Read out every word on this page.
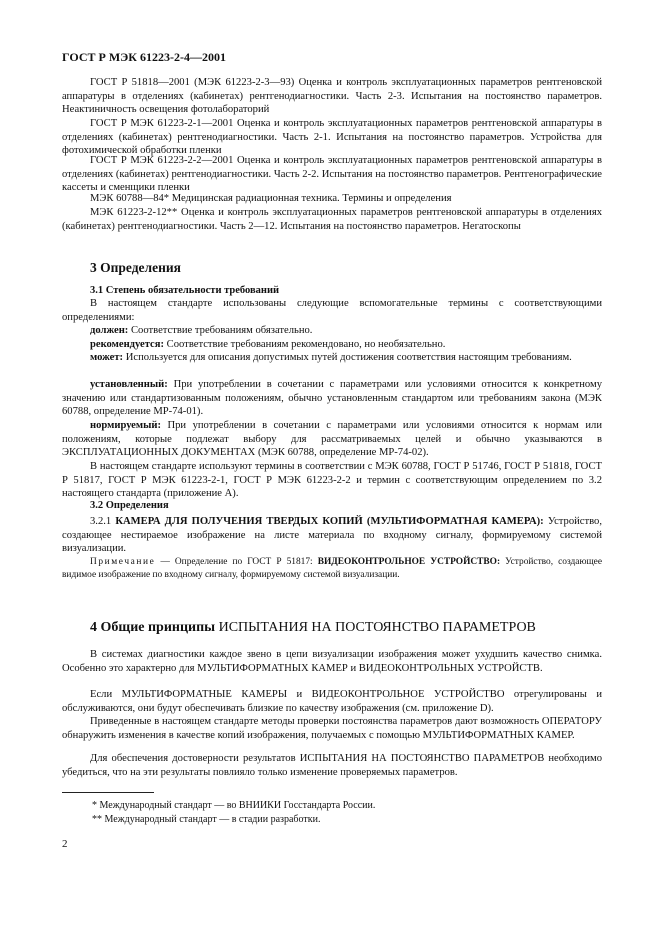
ГОСТ Р МЭК 61223-2-4—2001
ГОСТ Р 51818—2001 (МЭК 61223-2-3—93) Оценка и контроль эксплуатационных параметров рентгеновской аппаратуры в отделениях (кабинетах) рентгенодиагностики. Часть 2-3. Испытания на постоянство параметров. Неактиничность освещения фотолабораторий
ГОСТ Р МЭК 61223-2-1—2001 Оценка и контроль эксплуатационных параметров рентгеновской аппаратуры в отделениях (кабинетах) рентгенодиагностики. Часть 2-1. Испытания на постоянство параметров. Устройства для фотохимической обработки пленки
ГОСТ Р МЭК 61223-2-2—2001 Оценка и контроль эксплуатационных параметров рентгеновской аппаратуры в отделениях (кабинетах) рентгенодиагностики. Часть 2-2. Испытания на постоянство параметров. Рентгенографические кассеты и сменщики пленки
МЭК 60788—84* Медицинская радиационная техника. Термины и определения
МЭК 61223-2-12** Оценка и контроль эксплуатационных параметров рентгеновской аппаратуры в отделениях (кабинетах) рентгенодиагностики. Часть 2—12. Испытания на постоянство параметров. Негатоскопы
3 Определения
3.1 Степень обязательности требований
В настоящем стандарте использованы следующие вспомогательные термины с соответствующими определениями:
должен: Соответствие требованиям обязательно.
рекомендуется: Соответствие требованиям рекомендовано, но необязательно.
может: Используется для описания допустимых путей достижения соответствия настоящим требованиям.
установленный: При употреблении в сочетании с параметрами или условиями относится к конкретному значению или стандартизованным положениям, обычно установленным стандартом или требованиям закона (МЭК 60788, определение МР-74-01).
нормируемый: При употреблении в сочетании с параметрами или условиями относится к нормам или положениям, которые подлежат выбору для рассматриваемых целей и обычно указываются в ЭКСПЛУАТАЦИОННЫХ ДОКУМЕНТАХ (МЭК 60788, определение МР-74-02).
В настоящем стандарте используют термины в соответствии с МЭК 60788, ГОСТ Р 51746, ГОСТ Р 51818, ГОСТ Р 51817, ГОСТ Р МЭК 61223-2-1, ГОСТ Р МЭК 61223-2-2 и термин с соответствующим определением по 3.2 настоящего стандарта (приложение А).
3.2 Определения
3.2.1 КАМЕРА ДЛЯ ПОЛУЧЕНИЯ ТВЕРДЫХ КОПИЙ (МУЛЬТИФОРМАТНАЯ КАМЕРА): Устройство, создающее нестираемое изображение на листе материала по входному сигналу, формируемому системой визуализации.
Примечание — Определение по ГОСТ Р 51817: ВИДЕОКОНТРОЛЬНОЕ УСТРОЙСТВО: Устройство, создающее видимое изображение по входному сигналу, формируемому системой визуализации.
4 Общие принципы ИСПЫТАНИЯ НА ПОСТОЯНСТВО ПАРАМЕТРОВ
В системах диагностики каждое звено в цепи визуализации изображения может ухудшить качество снимка. Особенно это характерно для МУЛЬТИФОРМАТНЫХ КАМЕР и ВИДЕОКОНТРОЛЬНЫХ УСТРОЙСТВ.
Если МУЛЬТИФОРМАТНЫЕ КАМЕРЫ и ВИДЕОКОНТРОЛЬНОЕ УСТРОЙСТВО отрегулированы и обслуживаются, они будут обеспечивать близкие по качеству изображения (см. приложение D).
Приведенные в настоящем стандарте методы проверки постоянства параметров дают возможность ОПЕРАТОРУ обнаружить изменения в качестве копий изображения, получаемых с помощью МУЛЬТИФОРМАТНЫХ КАМЕР.
Для обеспечения достоверности результатов ИСПЫТАНИЯ НА ПОСТОЯНСТВО ПАРАМЕТРОВ необходимо убедиться, что на эти результаты повлияло только изменение проверяемых параметров.
* Международный стандарт — во ВНИИКИ Госстандарта России.
** Международный стандарт — в стадии разработки.
2
